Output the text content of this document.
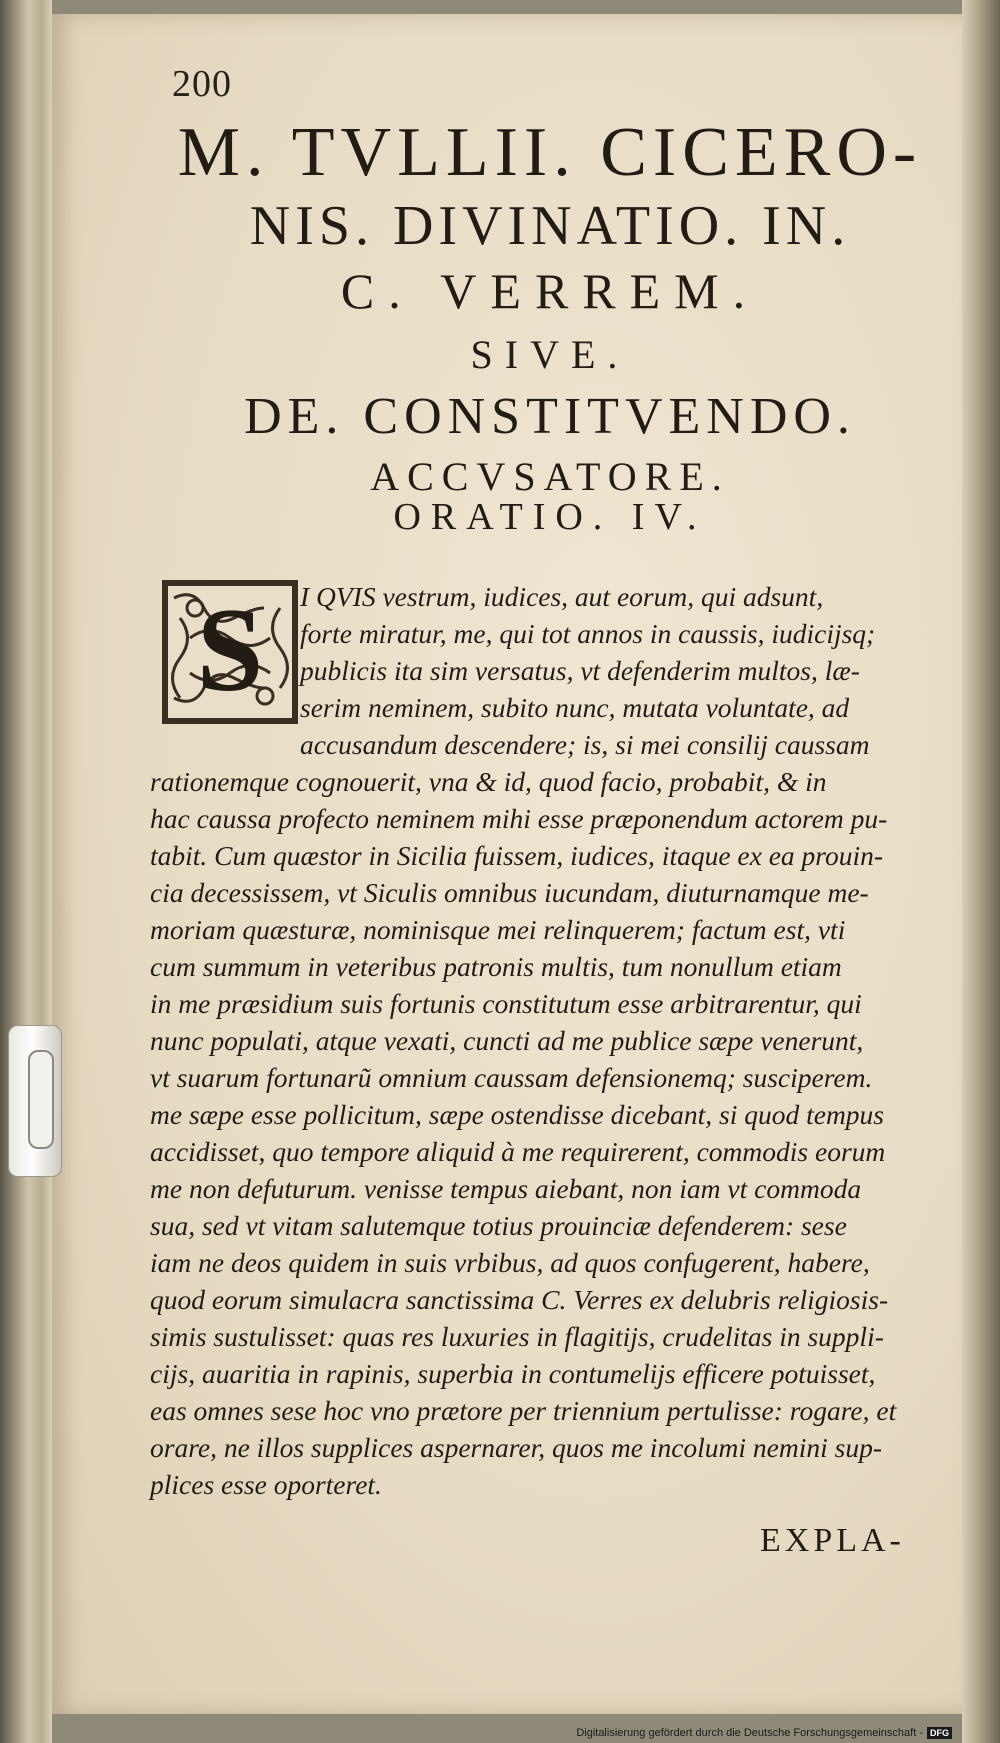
200
M. TVLLII. CICERO-
NIS. DIVINATIO. IN.
C. VERREM.
SIVE.
DE. CONSTITVENDO.
ACCVSATORE.
ORATIO. IV.
S	I QVIS vestrum, iudices, aut eorum, qui adsunt,
forte miratur, me, qui tot annos in caussis, iudicijsq;
publicis ita sim versatus, vt defenderim multos, læ-
serim neminem, subito nunc, mutata voluntate, ad
accusandum descendere; is, si mei consilij caussam
rationemque cognouerit, vna & id, quod facio, probabit, & in
hac caussa profecto neminem mihi esse præponendum actorem pu-
tabit. Cum quæstor in Sicilia fuissem, iudices, itaque ex ea prouin-
cia decessissem, vt Siculis omnibus iucundam, diuturnamque me-
moriam quæsturæ, nominisque mei relinquerem; factum est, vti
cum summum in veteribus patronis multis, tum nonullum etiam
in me præsidium suis fortunis constitutum esse arbitrarentur, qui
nunc populati, atque vexati, cuncti ad me publice sæpe venerunt,
vt suarum fortunarũ omnium caussam defensionemq; susciperem.
me sæpe esse pollicitum, sæpe ostendisse dicebant, si quod tempus
accidisset, quo tempore aliquid à me requirerent, commodis eorum
me non defuturum. venisse tempus aiebant, non iam vt commoda
sua, sed vt vitam salutemque totius prouinciæ defenderem: sese
iam ne deos quidem in suis vrbibus, ad quos confugerent, habere,
quod eorum simulacra sanctissima C. Verres ex delubris religiosis-
simis sustulisset: quas res luxuries in flagitijs, crudelitas in suppli-
cijs, auaritia in rapinis, superbia in contumelijs efficere potuisset,
eas omnes sese hoc vno prætore per triennium pertulisse: rogare, et
orare, ne illos supplices aspernarer, quos me incolumi nemini sup-
plices esse oporteret.
EXPLA-
Digitalisierung gefördert durch die Deutsche Forschungsgemeinschaft - DFG
